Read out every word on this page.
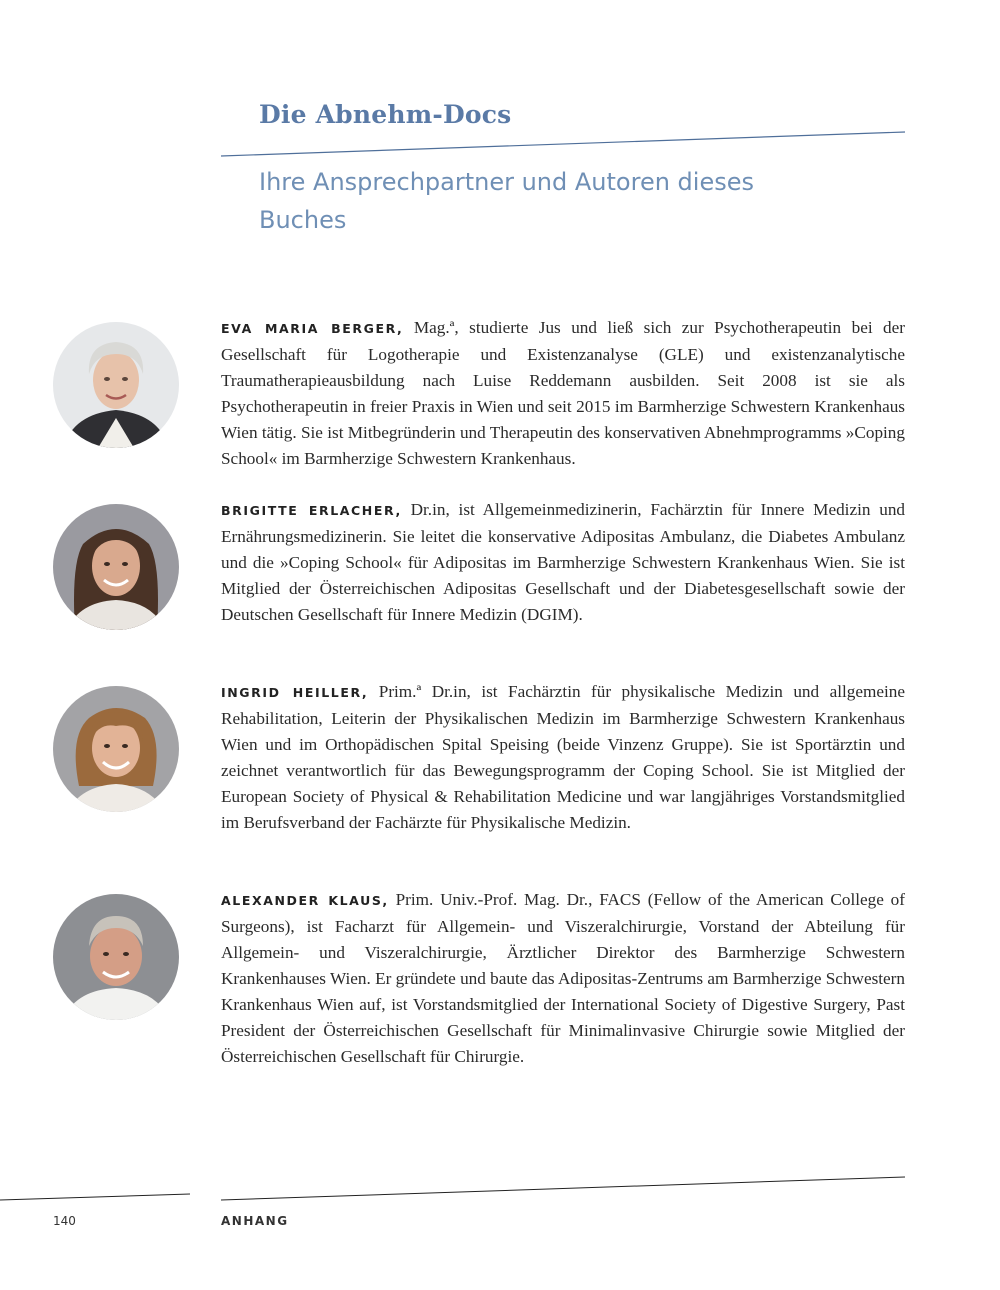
Die Abnehm-Docs
Ihre Ansprechpartner und Autoren dieses Buches
EVA MARIA BERGER, Mag.ª, studierte Jus und ließ sich zur Psychotherapeutin bei der Gesellschaft für Logotherapie und Existenzanalyse (GLE) und existenzanalytische Traumatherapieausbildung nach Luise Reddemann ausbilden. Seit 2008 ist sie als Psychotherapeutin in freier Praxis in Wien und seit 2015 im Barmherzige Schwestern Krankenhaus Wien tätig. Sie ist Mitbegründerin und Therapeutin des konservativen Abnehmprogramms »Coping School« im Barmherzige Schwestern Krankenhaus.
BRIGITTE ERLACHER, Dr.in, ist Allgemeinmedizinerin, Fachärztin für Innere Medizin und Ernährungsmedizinerin. Sie leitet die konservative Adipositas Ambulanz, die Diabetes Ambulanz und die »Coping School« für Adipositas im Barmherzige Schwestern Krankenhaus Wien. Sie ist Mitglied der Österreichischen Adipositas Gesellschaft und der Diabetesgesellschaft sowie der Deutschen Gesellschaft für Innere Medizin (DGIM).
INGRID HEILLER, Prim.ª Dr.in, ist Fachärztin für physikalische Medizin und allgemeine Rehabilitation, Leiterin der Physikalischen Medizin im Barmherzige Schwestern Krankenhaus Wien und im Orthopädischen Spital Speising (beide Vinzenz Gruppe). Sie ist Sportärztin und zeichnet verantwortlich für das Bewegungsprogramm der Coping School. Sie ist Mitglied der European Society of Physical & Rehabilitation Medicine und war langjähriges Vorstandsmitglied im Berufsverband der Fachärzte für Physikalische Medizin.
ALEXANDER KLAUS, Prim. Univ.-Prof. Mag. Dr., FACS (Fellow of the American College of Surgeons), ist Facharzt für Allgemein- und Viszeralchirurgie, Vorstand der Abteilung für Allgemein- und Viszeralchirurgie, Ärztlicher Direktor des Barmherzige Schwestern Krankenhauses Wien. Er gründete und baute das Adipositas-Zentrums am Barmherzige Schwestern Krankenhaus Wien auf, ist Vorstandsmitglied der International Society of Digestive Surgery, Past President der Österreichischen Gesellschaft für Minimalinvasive Chirurgie sowie Mitglied der Österreichischen Gesellschaft für Chirurgie.
140	ANHANG
